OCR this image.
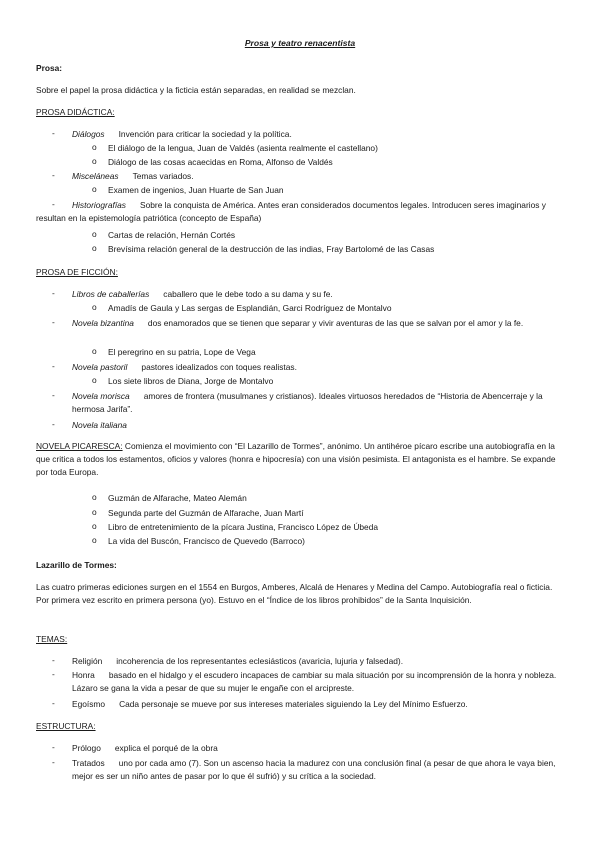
Prosa y teatro renacentista
Prosa:
Sobre el papel la prosa didáctica y la ficticia están separadas, en realidad se mezclan.
PROSA DIDÁCTICA:
- Diálogos Invención para criticar la sociedad y la política.
o El diálogo de la lengua, Juan de Valdés (asienta realmente el castellano)
o Diálogo de las cosas acaecidas en Roma, Alfonso de Valdés
- Misceláneas Temas variados.
o Examen de ingenios, Juan Huarte de San Juan
-	Historiografías Sobre la conquista de América. Antes eran considerados documentos legales. Introducen seres imaginarios y resultan en la epistemología patriótica (concepto de España)
o Cartas de relación, Hernán Cortés
o Brevísima relación general de la destrucción de las indias, Fray Bartolomé de las Casas
PROSA DE FICCIÓN:
- Libros de caballerías caballero que le debe todo a su dama y su fe.
o Amadís de Gaula y Las sergas de Esplandián, Garci Rodríguez de Montalvo
- Novela bizantina dos enamorados que se tienen que separar y vivir aventuras de las que se salvan por el amor y la fe.
o El peregrino en su patria, Lope de Vega
- Novela pastoril pastores idealizados con toques realistas.
o Los siete libros de Diana, Jorge de Montalvo
- Novela morisca amores de frontera (musulmanes y cristianos). Ideales virtuosos heredados de “Historia de Abencerraje y la hermosa Jarifa”.
- Novela italiana
NOVELA PICARESCA: Comienza el movimiento con “El Lazarillo de Tormes”, anónimo. Un antihéroe pícaro escribe una autobiografía en la que critica a todos los estamentos, oficios y valores (honra e hipocresía) con una visión pesimista. El antagonista es el hambre. Se expande por toda Europa.
o Guzmán de Alfarache, Mateo Alemán
o Segunda parte del Guzmán de Alfarache, Juan Martí
o Libro de entretenimiento de la pícara Justina, Francisco López de Úbeda
o La vida del Buscón, Francisco de Quevedo (Barroco)
Lazarillo de Tormes:
Las cuatro primeras ediciones surgen en el 1554 en Burgos, Amberes, Alcalá de Henares y Medina del Campo. Autobiografía real o ficticia. Por primera vez escrito en primera persona (yo). Estuvo en el “Índice de los libros prohibidos” de la Santa Inquisición.
TEMAS:
- Religión incoherencia de los representantes eclesiásticos (avaricia, lujuria y falsedad).
- Honra basado en el hidalgo y el escudero incapaces de cambiar su mala situación por su incomprensión de la honra y nobleza. Lázaro se gana la vida a pesar de que su mujer le engañe con el arcipreste.
- Egoísmo Cada personaje se mueve por sus intereses materiales siguiendo la Ley del Mínimo Esfuerzo.
ESTRUCTURA:
- Prólogo explica el porqué de la obra
- Tratados uno por cada amo (7). Son un ascenso hacia la madurez con una conclusión final (a pesar de que ahora le vaya bien, mejor es ser un niño antes de pasar por lo que él sufrió) y su crítica a la sociedad.
